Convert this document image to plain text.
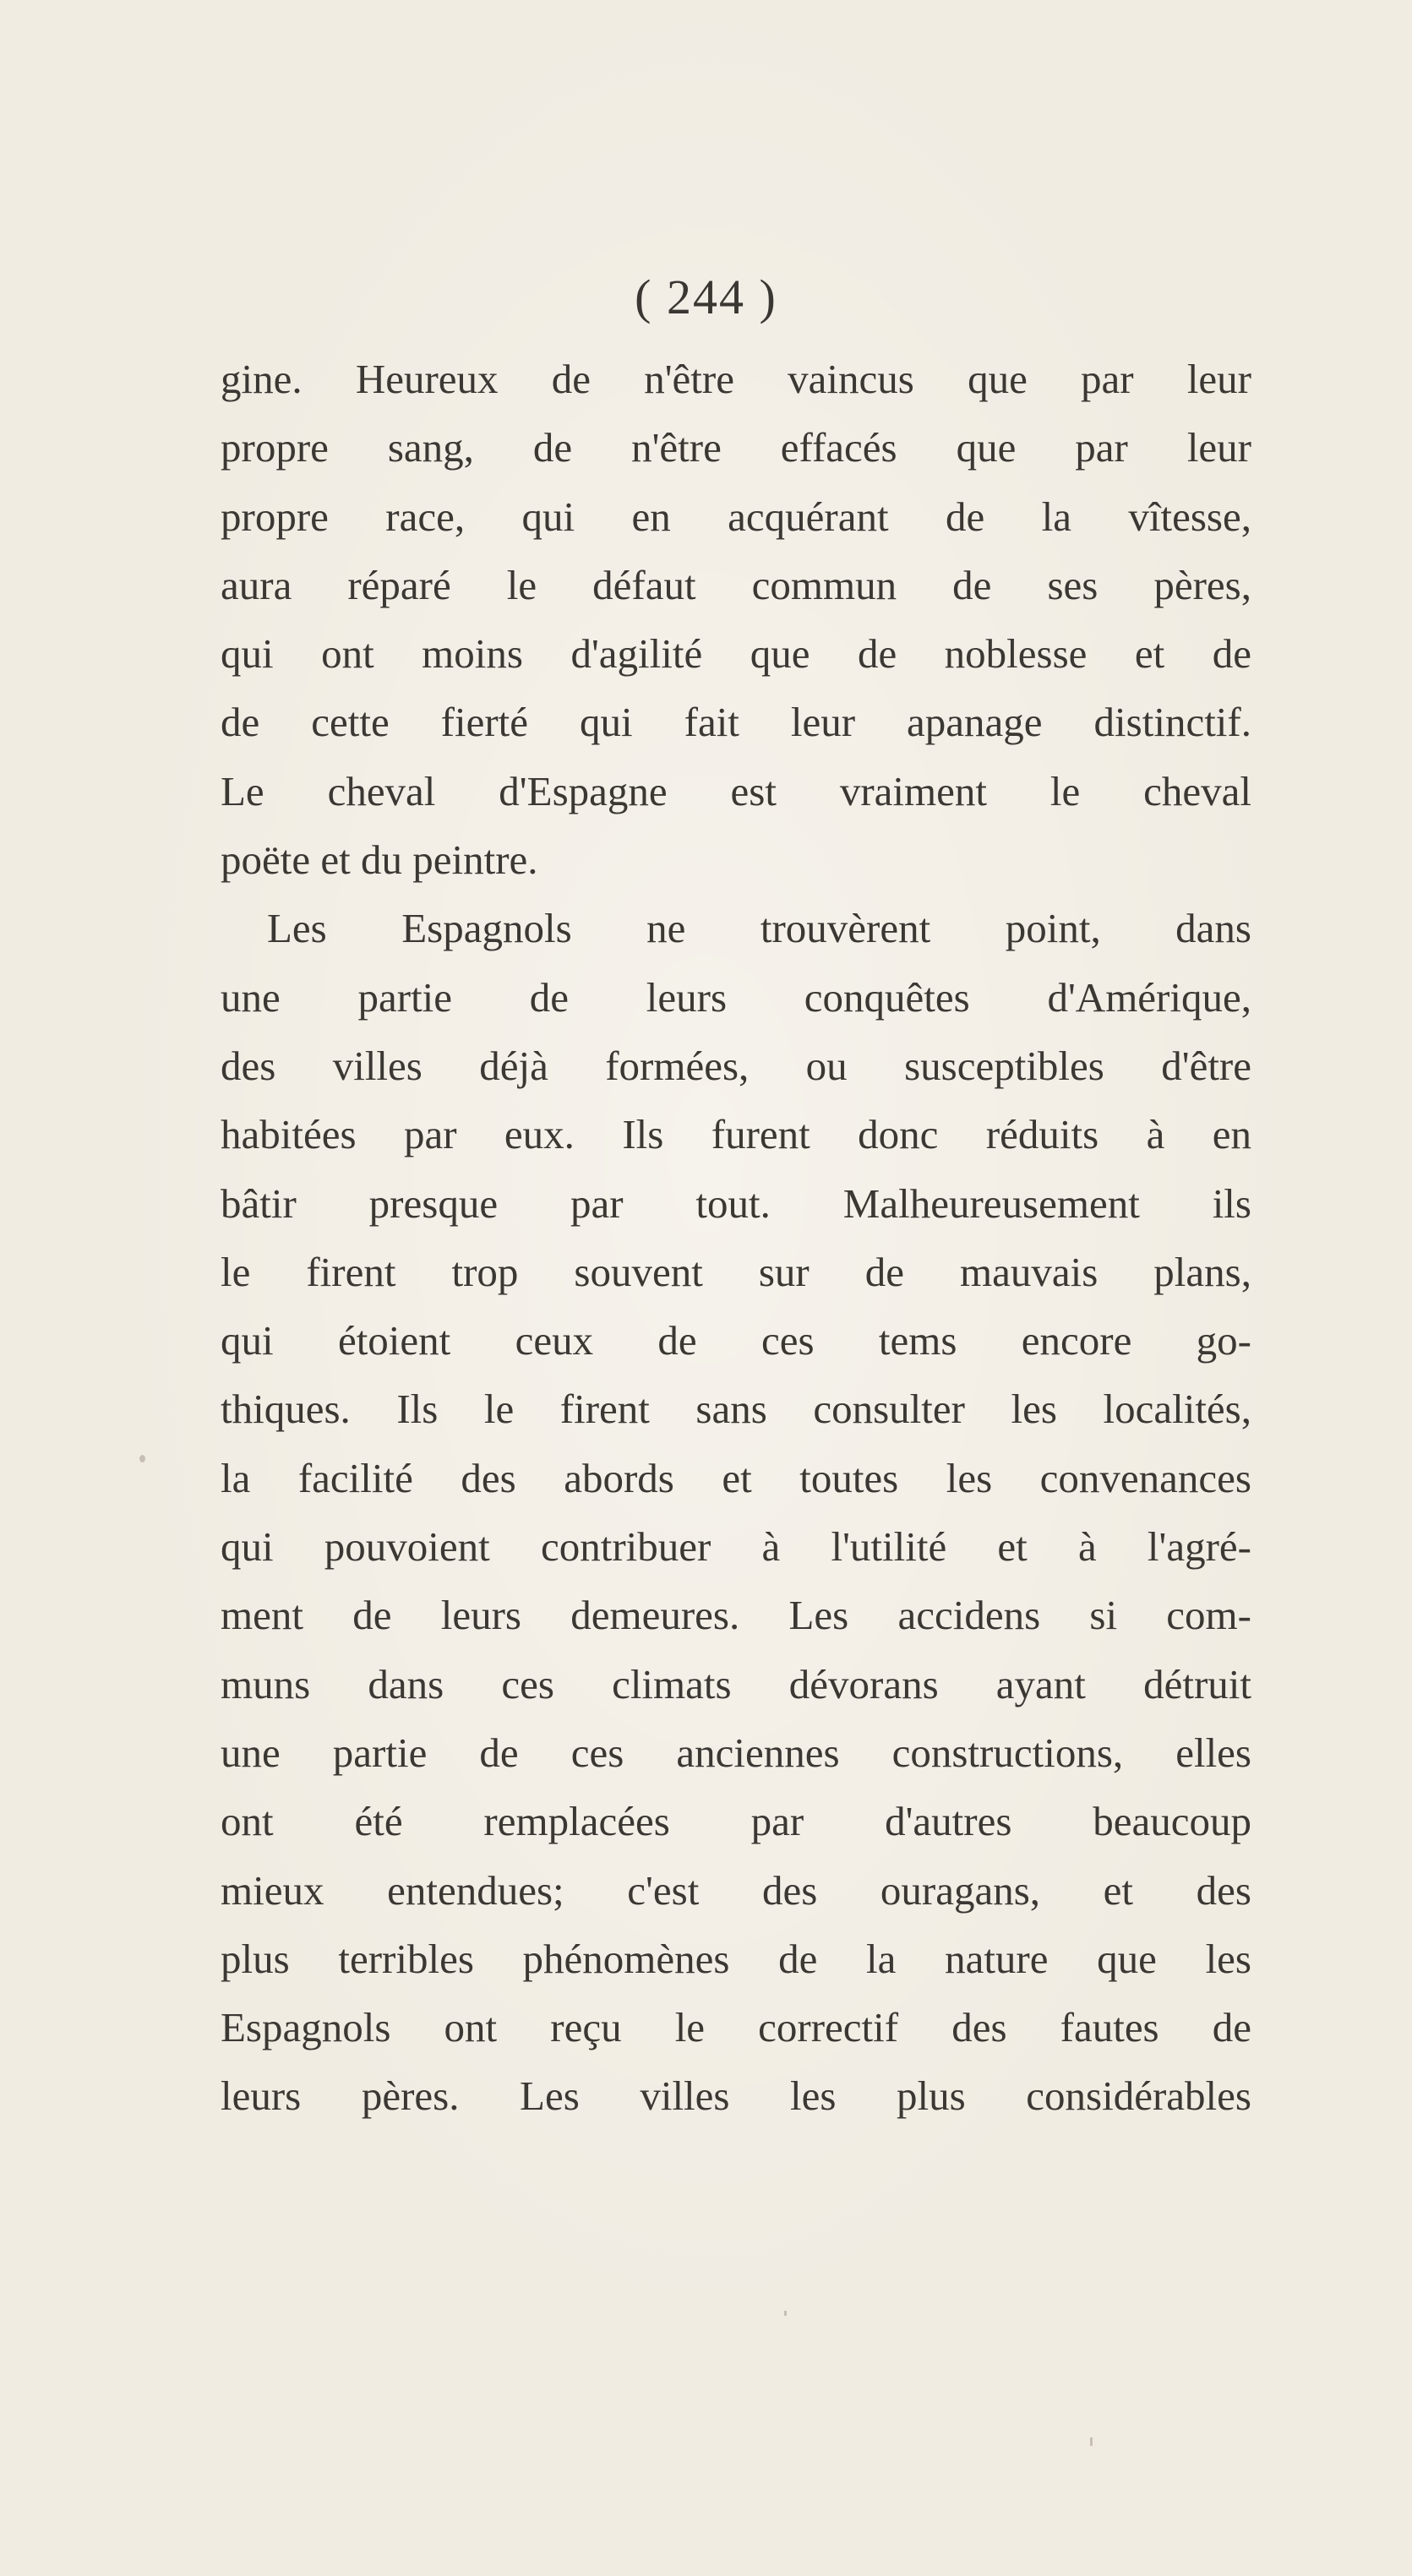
( 244 )
gine. Heureux de n'être vaincus que par leur
propre sang, de n'être effacés que par leur
propre race, qui en acquérant de la vîtesse,
aura réparé le défaut commun de ses pères,
qui ont moins d'agilité que de noblesse et de
de cette fierté qui fait leur apanage distinctif.
Le cheval d'Espagne est vraiment le cheval
poëte et du peintre.
Les Espagnols ne trouvèrent point, dans
une partie de leurs conquêtes d'Amérique,
des villes déjà formées, ou susceptibles d'être
habitées par eux. Ils furent donc réduits à en
bâtir presque par tout. Malheureusement ils
le firent trop souvent sur de mauvais plans,
qui étoient ceux de ces tems encore go-
thiques. Ils le firent sans consulter les localités,
la facilité des abords et toutes les convenances
qui pouvoient contribuer à l'utilité et à l'agré-
ment de leurs demeures. Les accidens si com-
muns dans ces climats dévorans ayant détruit
une partie de ces anciennes constructions, elles
ont été remplacées par d'autres beaucoup
mieux entendues; c'est des ouragans, et des
plus terribles phénomènes de la nature que les
Espagnols ont reçu le correctif des fautes de
leurs pères. Les villes les plus considérables
